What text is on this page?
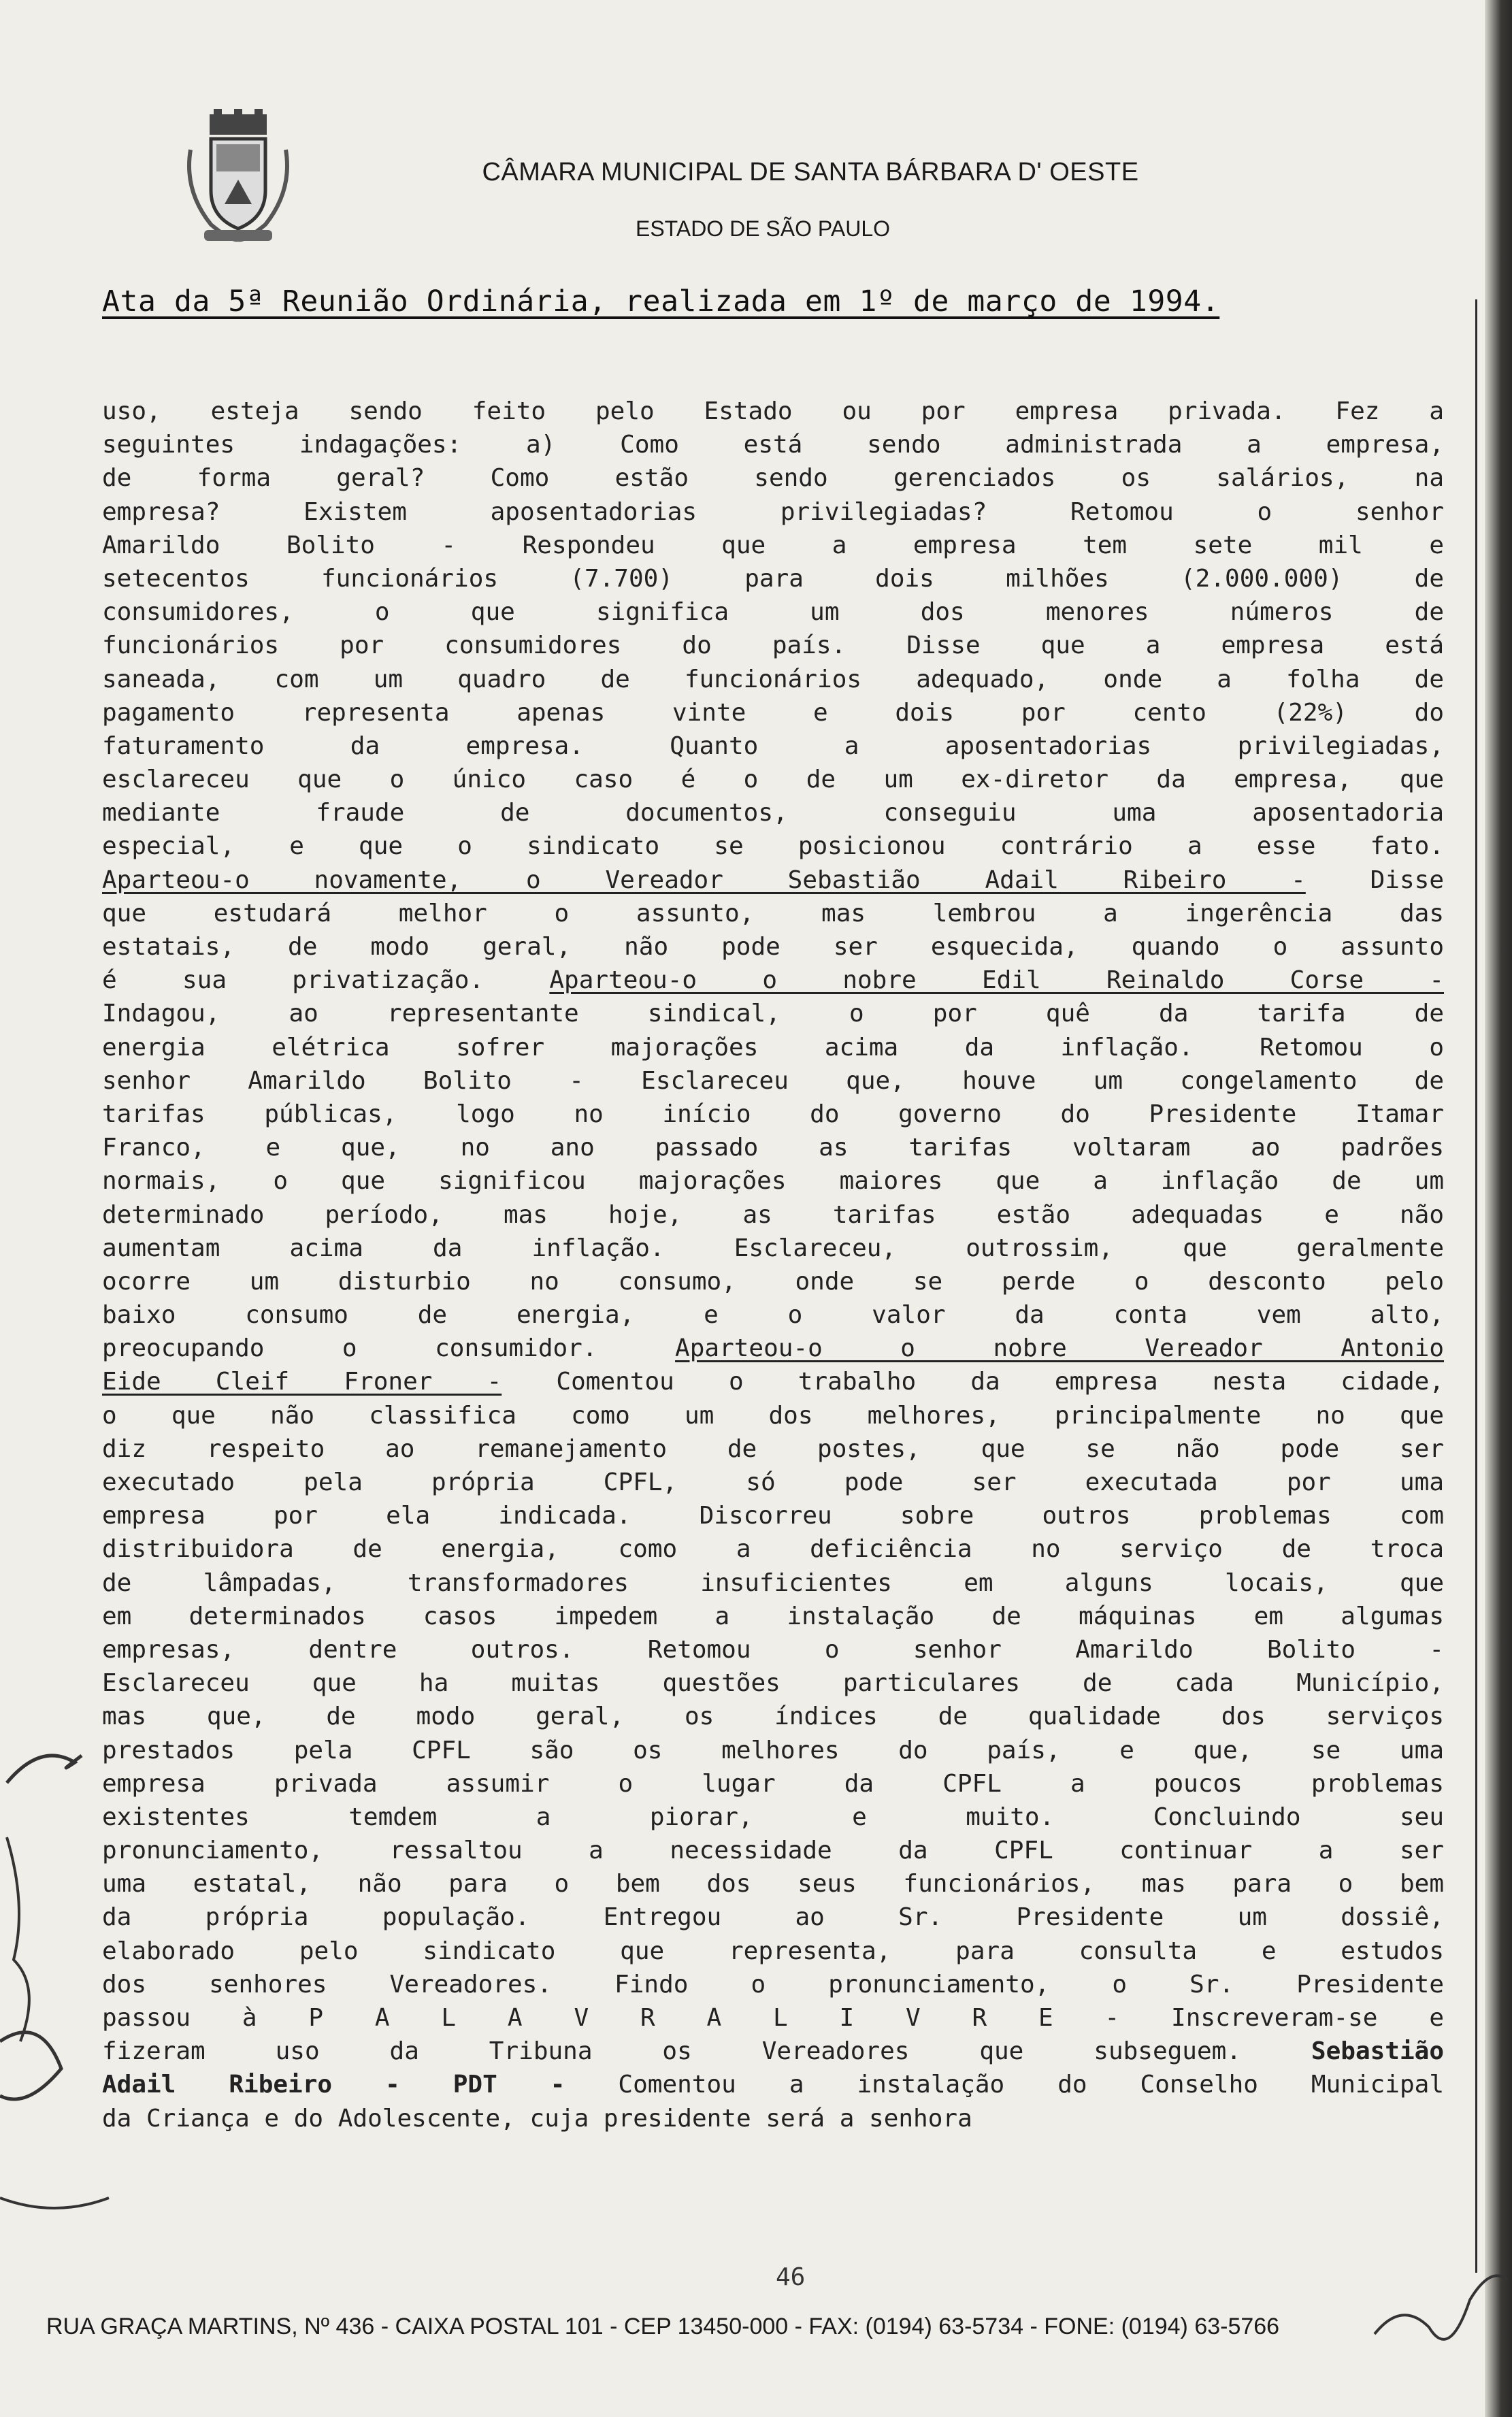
CÂMARA MUNICIPAL DE SANTA BÁRBARA D' OESTE
ESTADO DE SÃO PAULO
Ata da 5ª Reunião Ordinária, realizada em 1º de março de 1994.
uso, esteja sendo feito pelo Estado ou por empresa privada. Fez a
seguintes indagações: a) Como está sendo administrada a empresa,
de forma geral? Como estão sendo gerenciados os salários, na
empresa? Existem aposentadorias privilegiadas? Retomou o senhor
Amarildo Bolito - Respondeu que a empresa tem sete mil e
setecentos funcionários (7.700) para dois milhões (2.000.000) de
consumidores, o que significa um dos menores números de
funcionários por consumidores do país. Disse que a empresa está
saneada, com um quadro de funcionários adequado, onde a folha de
pagamento representa apenas vinte e dois por cento (22%) do
faturamento da empresa. Quanto a aposentadorias privilegiadas,
esclareceu que o único caso é o de um ex-diretor da empresa, que
mediante fraude de documentos, conseguiu uma aposentadoria
especial, e que o sindicato se posicionou contrário a esse fato.
Aparteou-o novamente, o Vereador Sebastião Adail Ribeiro - Disse
que estudará melhor o assunto, mas lembrou a ingerência das
estatais, de modo geral, não pode ser esquecida, quando o assunto
é sua privatização. Aparteou-o o nobre Edil Reinaldo Corse -
Indagou, ao representante sindical, o por quê da tarifa de
energia elétrica sofrer majorações acima da inflação. Retomou o
senhor Amarildo Bolito - Esclareceu que, houve um congelamento de
tarifas públicas, logo no início do governo do Presidente Itamar
Franco, e que, no ano passado as tarifas voltaram ao padrões
normais, o que significou majorações maiores que a inflação de um
determinado período, mas hoje, as tarifas estão adequadas e não
aumentam acima da inflação. Esclareceu, outrossim, que geralmente
ocorre um disturbio no consumo, onde se perde o desconto pelo
baixo consumo de energia, e o valor da conta vem alto,
preocupando o consumidor. Aparteou-o o nobre Vereador Antonio
Eide Cleif Froner - Comentou o trabalho da empresa nesta cidade,
o que não classifica como um dos melhores, principalmente no que
diz respeito ao remanejamento de postes, que se não pode ser
executado pela própria CPFL, só pode ser executada por uma
empresa por ela indicada. Discorreu sobre outros problemas com
distribuidora de energia, como a deficiência no serviço de troca
de lâmpadas, transformadores insuficientes em alguns locais, que
em determinados casos impedem a instalação de máquinas em algumas
empresas, dentre outros. Retomou o senhor Amarildo Bolito -
Esclareceu que ha muitas questões particulares de cada Município,
mas que, de modo geral, os índices de qualidade dos serviços
prestados pela CPFL são os melhores do país, e que, se uma
empresa privada assumir o lugar da CPFL a poucos problemas
existentes temdem a piorar, e muito. Concluindo seu
pronunciamento, ressaltou a necessidade da CPFL continuar a ser
uma estatal, não para o bem dos seus funcionários, mas para o bem
da própria população. Entregou ao Sr. Presidente um dossiê,
elaborado pelo sindicato que representa, para consulta e estudos
dos senhores Vereadores. Findo o pronunciamento, o Sr. Presidente
passou à P A L A V R A L I V R E - Inscreveram-se e
fizeram uso da Tribuna os Vereadores que subseguem. Sebastião
Adail Ribeiro - PDT - Comentou a instalação do Conselho Municipal
da Criança e do Adolescente, cuja presidente será a senhora
46
RUA GRAÇA MARTINS, Nº 436 - CAIXA POSTAL 101 - CEP 13450-000 - FAX: (0194) 63-5734 - FONE: (0194) 63-5766
